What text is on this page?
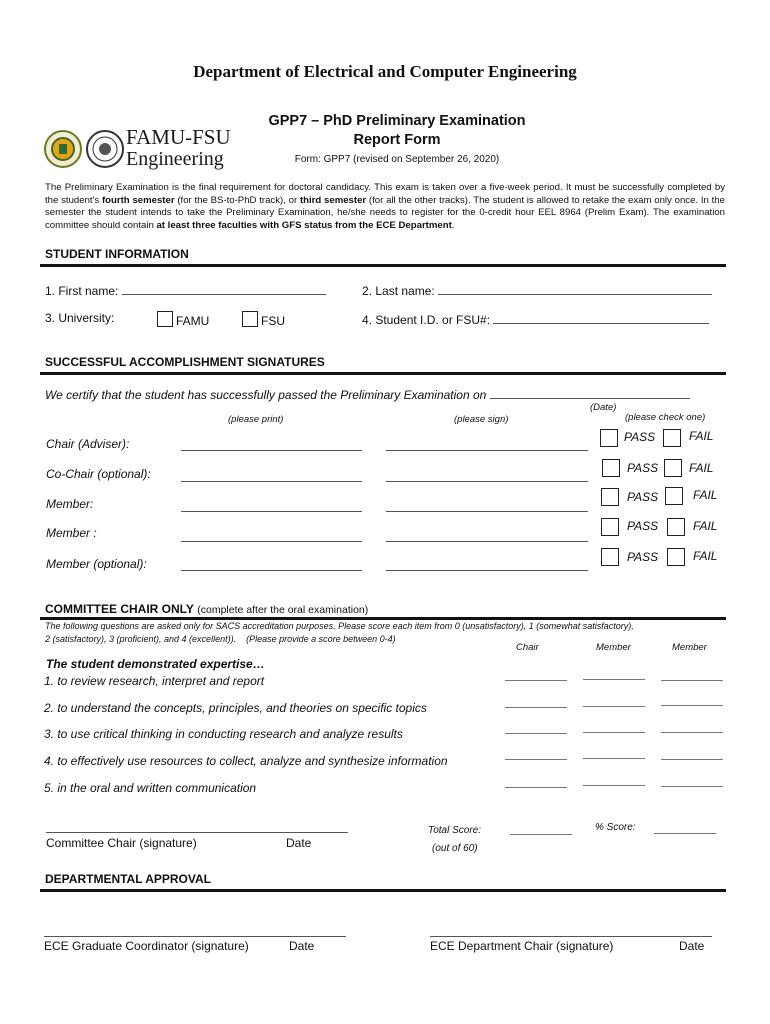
Department of Electrical and Computer Engineering
GPP7 – PhD Preliminary Examination
Report Form
Form: GPP7 (revised on September 26, 2020)
FAMU-FSU
Engineering
The Preliminary Examination is the final requirement for doctoral candidacy. This exam is taken over a five-week period. It must be successfully completed by the student's fourth semester (for the BS-to-PhD track), or third semester (for all the other tracks). The student is allowed to retake the exam only once. In the semester the student intends to take the Preliminary Examination, he/she needs to register for the 0-credit hour EEL 8964 (Prelim Exam). The examination committee should contain at least three faculties with GFS status from the ECE Department.
STUDENT INFORMATION
1. First name:	2. Last name:
3. University:	FAMU	FSU	4. Student I.D. or FSU#:
SUCCESSFUL ACCOMPLISHMENT SIGNATURES
We certify that the student has successfully passed the Preliminary Examination on
(Date)
(please print)	(please sign)	(please check one)
Chair (Adviser):	PASS	FAIL
Co-Chair (optional):	PASS	FAIL
Member:	PASS	FAIL
Member :	PASS	FAIL
Member (optional):	PASS	FAIL
COMMITTEE CHAIR ONLY (complete after the oral examination)
The following questions are asked only for SACS accreditation purposes. Please score each item from 0 (unsatisfactory), 1 (somewhat satisfactory),
2 (satisfactory), 3 (proficient), and 4 (excellent)). (Please provide a score between 0-4)
Chair	Member	Member
The student demonstrated expertise…
1. to review research, interpret and report
2. to understand the concepts, principles, and theories on specific topics
3. to use critical thinking in conducting research and analyze results
4. to effectively use resources to collect, analyze and synthesize information
5. in the oral and written communication
Committee Chair (signature)	Date
Total Score:
(out of 60)
% Score:
DEPARTMENTAL APPROVAL
ECE Graduate Coordinator (signature)	Date	ECE Department Chair (signature)	Date
